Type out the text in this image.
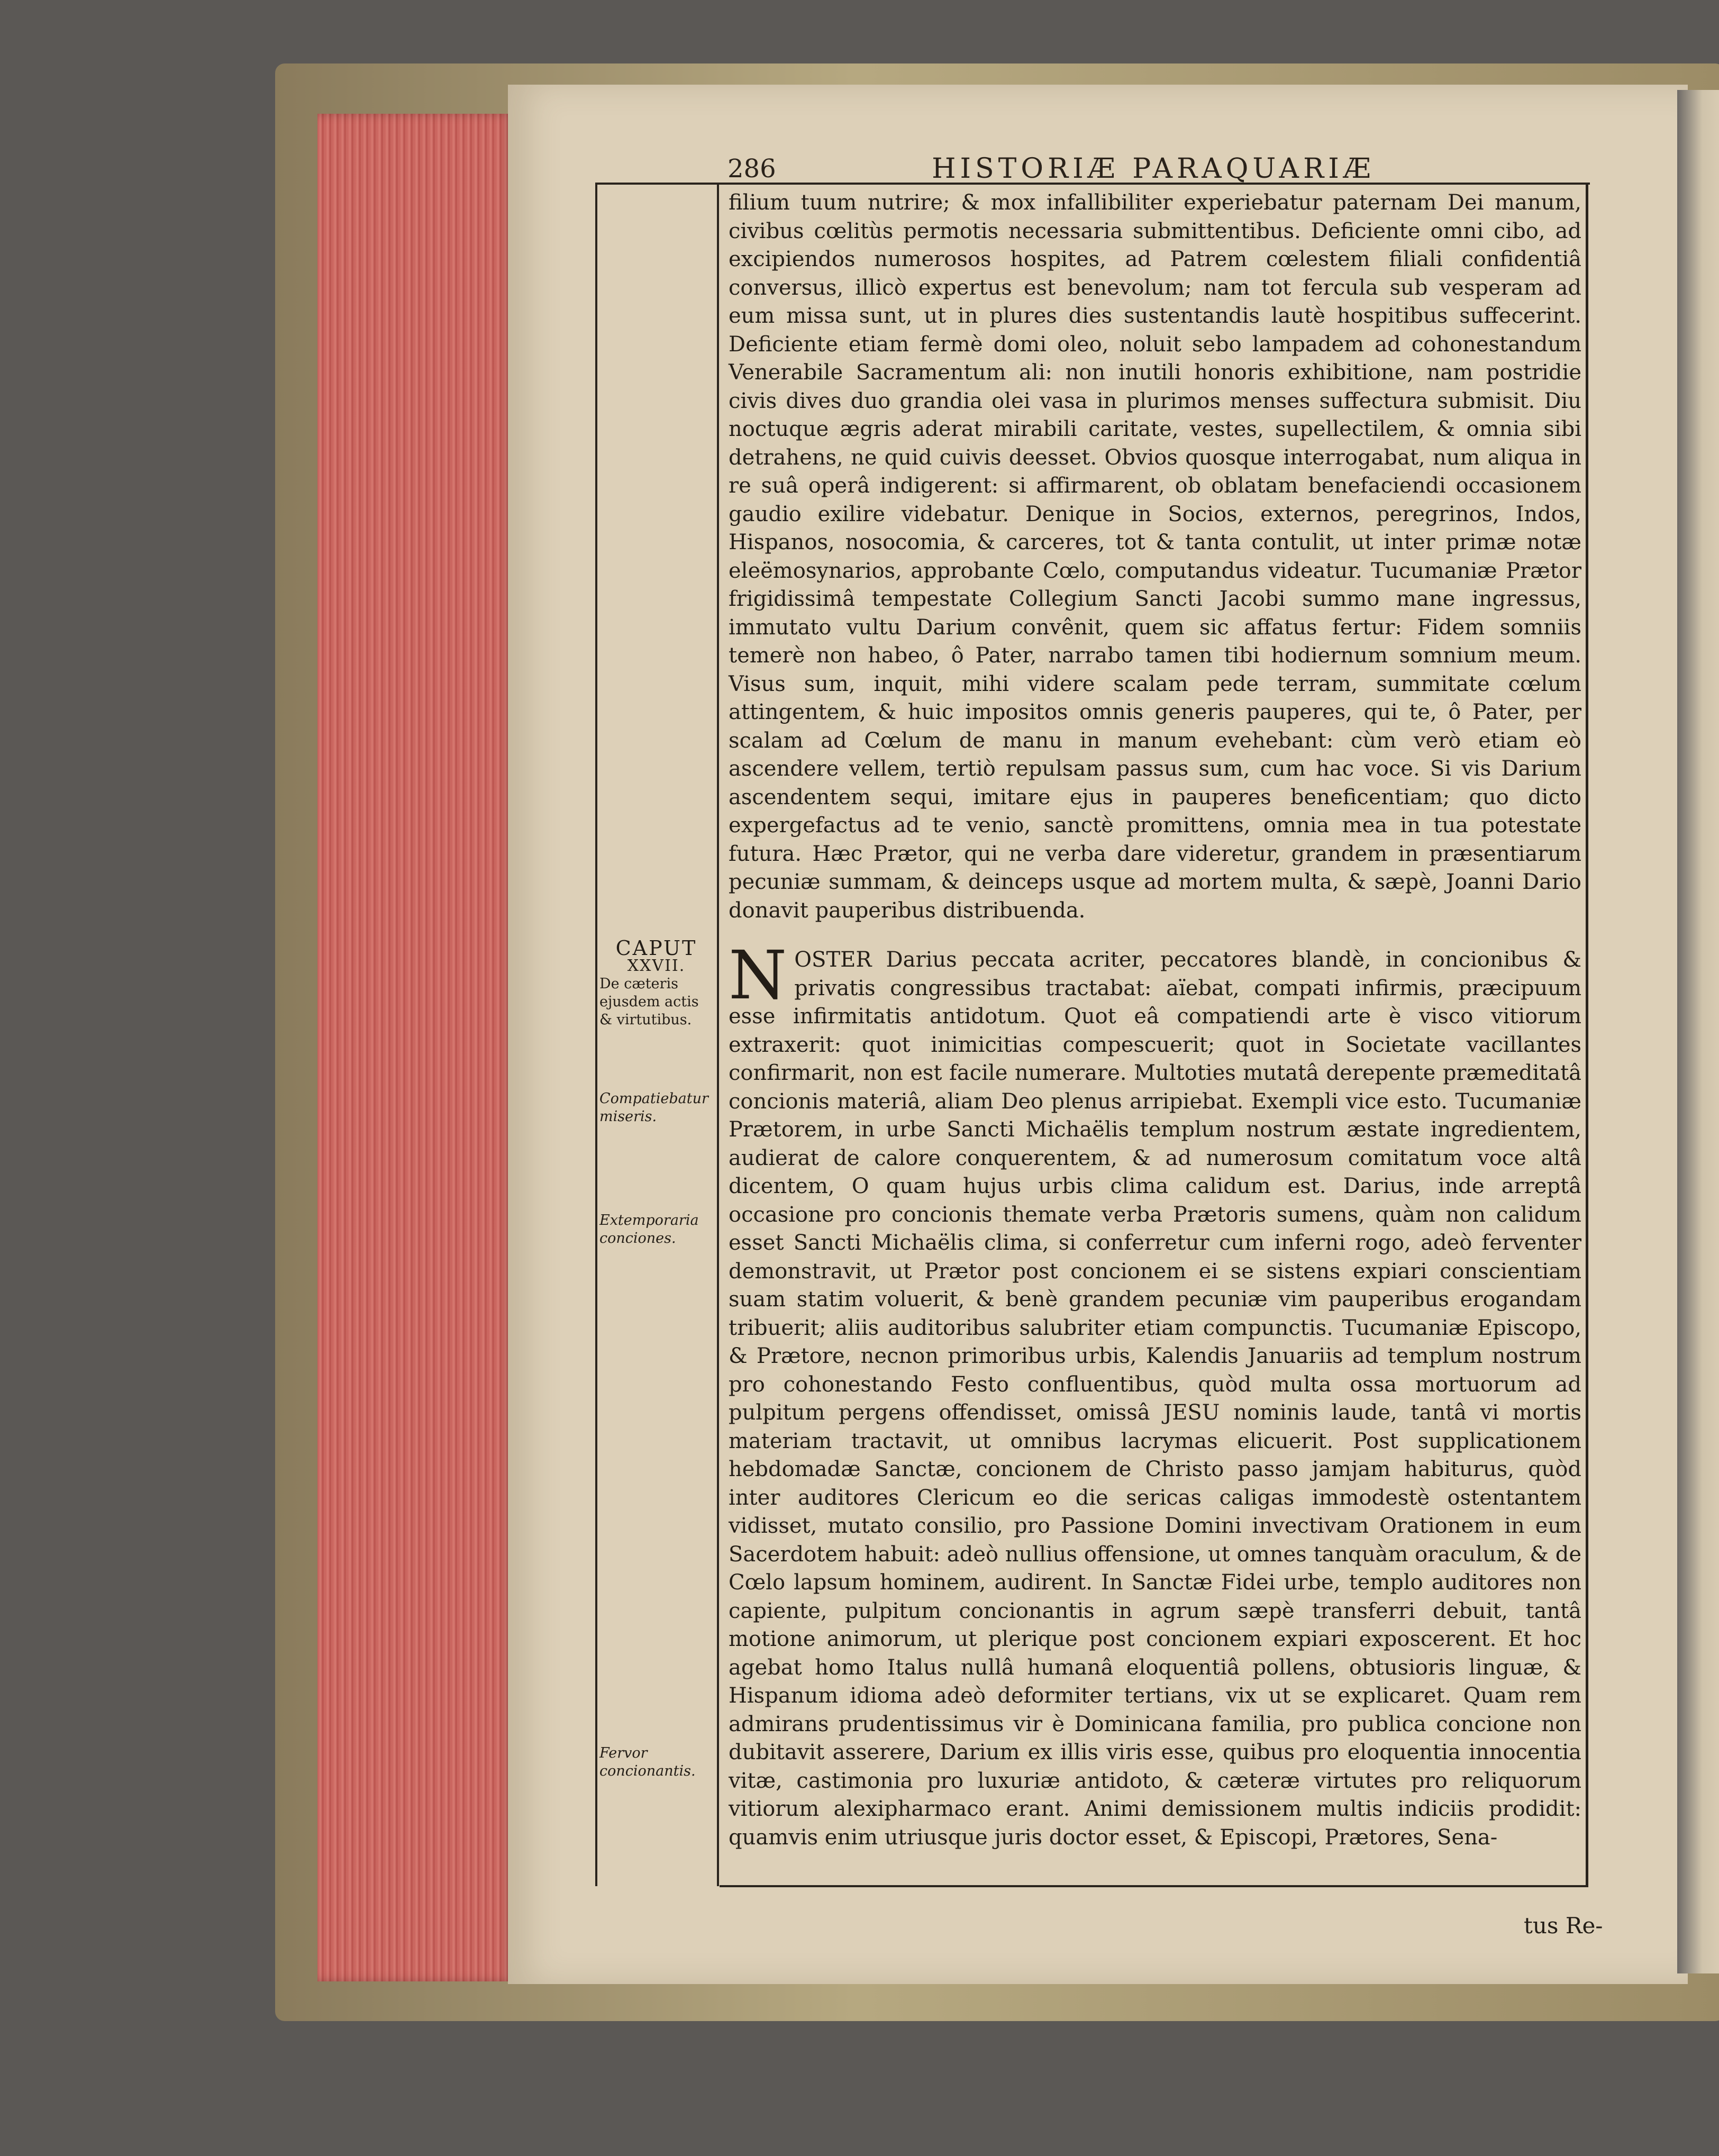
286	HISTORIÆ PARAQUARIÆ
CAPUT
XXVII.
De cæteris ejusdem actis & virtutibus.
Compatiebatur miseris.
Extemporaria conciones.
Fervor concionantis.

filium tuum nutrire; & mox infallibiliter experiebatur paternam Dei manum, civibus cœlitùs permotis necessaria submittentibus. Deficiente omni cibo, ad excipiendos numerosos hospites, ad Patrem cœlestem filiali confidentiâ conversus, illicò expertus est benevolum; nam tot fercula sub vesperam ad eum missa sunt, ut in plures dies sustentandis lautè hospitibus suffecerint. Deficiente etiam fermè domi oleo, noluit sebo lampadem ad cohonestandum Venerabile Sacramentum ali: non inutili honoris exhibitione, nam postridie civis dives duo grandia olei vasa in plurimos menses suffectura submisit. Diu noctuque ægris aderat mirabili caritate, vestes, supellectilem, & omnia sibi detrahens, ne quid cuivis deesset. Obvios quosque interrogabat, num aliqua in re suâ operâ indigerent: si affirmarent, ob oblatam benefaciendi occasionem gaudio exilire videbatur. Denique in Socios, externos, peregrinos, Indos, Hispanos, nosocomia, & carceres, tot & tanta contulit, ut inter primæ notæ eleëmosynarios, approbante Cœlo, computandus videatur. Tucumaniæ Prætor frigidissimâ tempestate Collegium Sancti Jacobi summo mane ingressus, immutato vultu Darium convênit, quem sic affatus fertur: Fidem somniis temerè non habeo, ô Pater, narrabo tamen tibi hodiernum somnium meum. Visus sum, inquit, mihi videre scalam pede terram, summitate cœlum attingentem, & huic impositos omnis generis pauperes, qui te, ô Pater, per scalam ad Cœlum de manu in manum evehebant: cùm verò etiam eò ascendere vellem, tertiò repulsam passus sum, cum hac voce. Si vis Darium ascendentem sequi, imitare ejus in pauperes beneficentiam; quo dicto expergefactus ad te venio, sanctè promittens, omnia mea in tua potestate futura. Hæc Prætor, qui ne verba dare videretur, grandem in præsentiarum pecuniæ summam, & deinceps usque ad mortem multa, & sæpè, Joanni Dario donavit pauperibus distribuenda.

NOSTER Darius peccata acriter, peccatores blandè, in concionibus & privatis congressibus tractabat: aïebat, compati infirmis, præcipuum esse infirmitatis antidotum. Quot eâ compatiendi arte è visco vitiorum extraxerit: quot inimicitias compescuerit; quot in Societate vacillantes confirmarit, non est facile numerare. Multoties mutatâ derepente præmeditatâ concionis materiâ, aliam Deo plenus arripiebat. Exempli vice esto. Tucumaniæ Prætorem, in urbe Sancti Michaëlis templum nostrum æstate ingredientem, audierat de calore conquerentem, & ad numerosum comitatum voce altâ dicentem, O quam hujus urbis clima calidum est. Darius, inde arreptâ occasione pro concionis themate verba Prætoris sumens, quàm non calidum esset Sancti Michaëlis clima, si conferretur cum inferni rogo, adeò ferventer demonstravit, ut Prætor post concionem ei se sistens expiari conscientiam suam statim voluerit, & benè grandem pecuniæ vim pauperibus erogandam tribuerit; aliis auditoribus salubriter etiam compunctis. Tucumaniæ Episcopo, & Prætore, necnon primoribus urbis, Kalendis Januariis ad templum nostrum pro cohonestando Festo confluentibus, quòd multa ossa mortuorum ad pulpitum pergens offendisset, omissâ JESU nominis laude, tantâ vi mortis materiam tractavit, ut omnibus lacrymas elicuerit. Post supplicationem hebdomadæ Sanctæ, concionem de Christo passo jamjam habiturus, quòd inter auditores Clericum eo die sericas caligas immodestè ostentantem vidisset, mutato consilio, pro Passione Domini invectivam Orationem in eum Sacerdotem habuit: adeò nullius offensione, ut omnes tanquàm oraculum, & de Cœlo lapsum hominem, audirent. In Sanctæ Fidei urbe, templo auditores non capiente, pulpitum concionantis in agrum sæpè transferri debuit, tantâ motione animorum, ut plerique post concionem expiari exposcerent. Et hoc agebat homo Italus nullâ humanâ eloquentiâ pollens, obtusioris linguæ, & Hispanum idioma adeò deformiter tertians, vix ut se explicaret. Quam rem admirans prudentissimus vir è Dominicana familia, pro publica concione non dubitavit asserere, Darium ex illis viris esse, quibus pro eloquentia innocentia vitæ, castimonia pro luxuriæ antidoto, & cæteræ virtutes pro reliquorum vitiorum alexipharmaco erant. Animi demissionem multis indiciis prodidit: quamvis enim utriusque juris doctor esset, & Episcopi, Prætores, Sena-

tus Re-
